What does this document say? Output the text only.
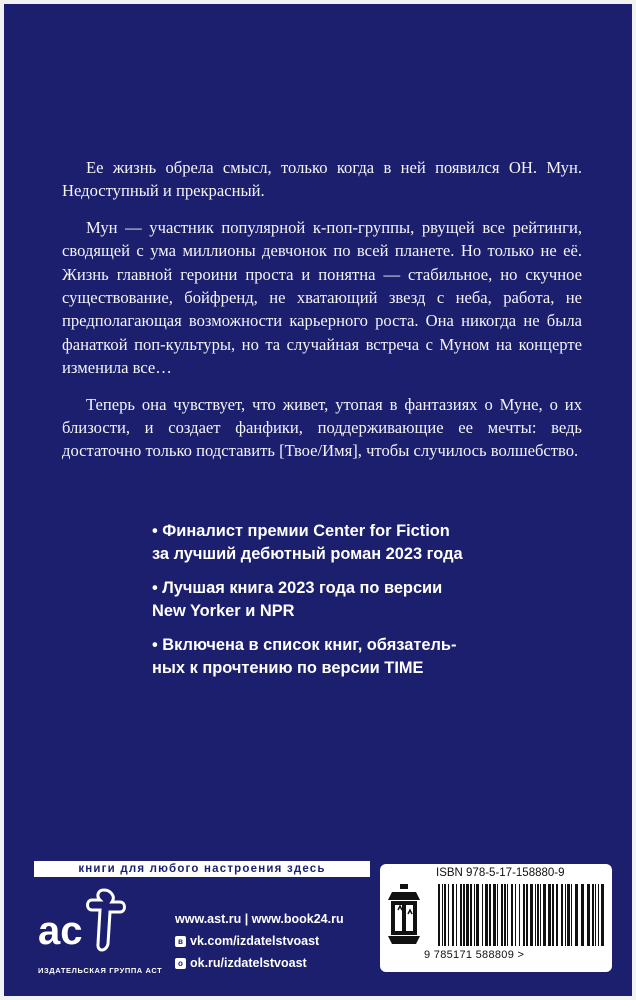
Ее жизнь обрела смысл, только когда в ней появился ОН. Мун. Недоступный и прекрасный.

Мун — участник популярной к-поп-группы, рвущей все рейтинги, сводящей с ума миллионы девчонок по всей планете. Но только не её. Жизнь главной героини проста и понятна — стабильное, но скучное существование, бойфренд, не хватающий звезд с неба, работа, не предполагающая возможности карьерного роста. Она никогда не была фанаткой поп-культуры, но та случайная встреча с Муном на концерте изменила все…

Теперь она чувствует, что живет, утопая в фантазиях о Муне, о их близости, и создает фанфики, поддерживающие ее мечты: ведь достаточно только подставить [Твое/Имя], чтобы случилось волшебство.

• Финалист премии Center for Fiction
за лучший дебютный роман 2023 года
• Лучшая книга 2023 года по версии
New Yorker и NPR
• Включена в список книг, обязатель-
ных к прочтению по версии TIME
книги для любого настроения здесь
ac
ИЗДАТЕЛЬСКАЯ ГРУППА АСТ
www.ast.ru | www.book24.ru
в vk.com/izdatelstvoast
о ok.ru/izdatelstvoast
ISBN 978-5-17-158880-9
9 785171 588809 >
